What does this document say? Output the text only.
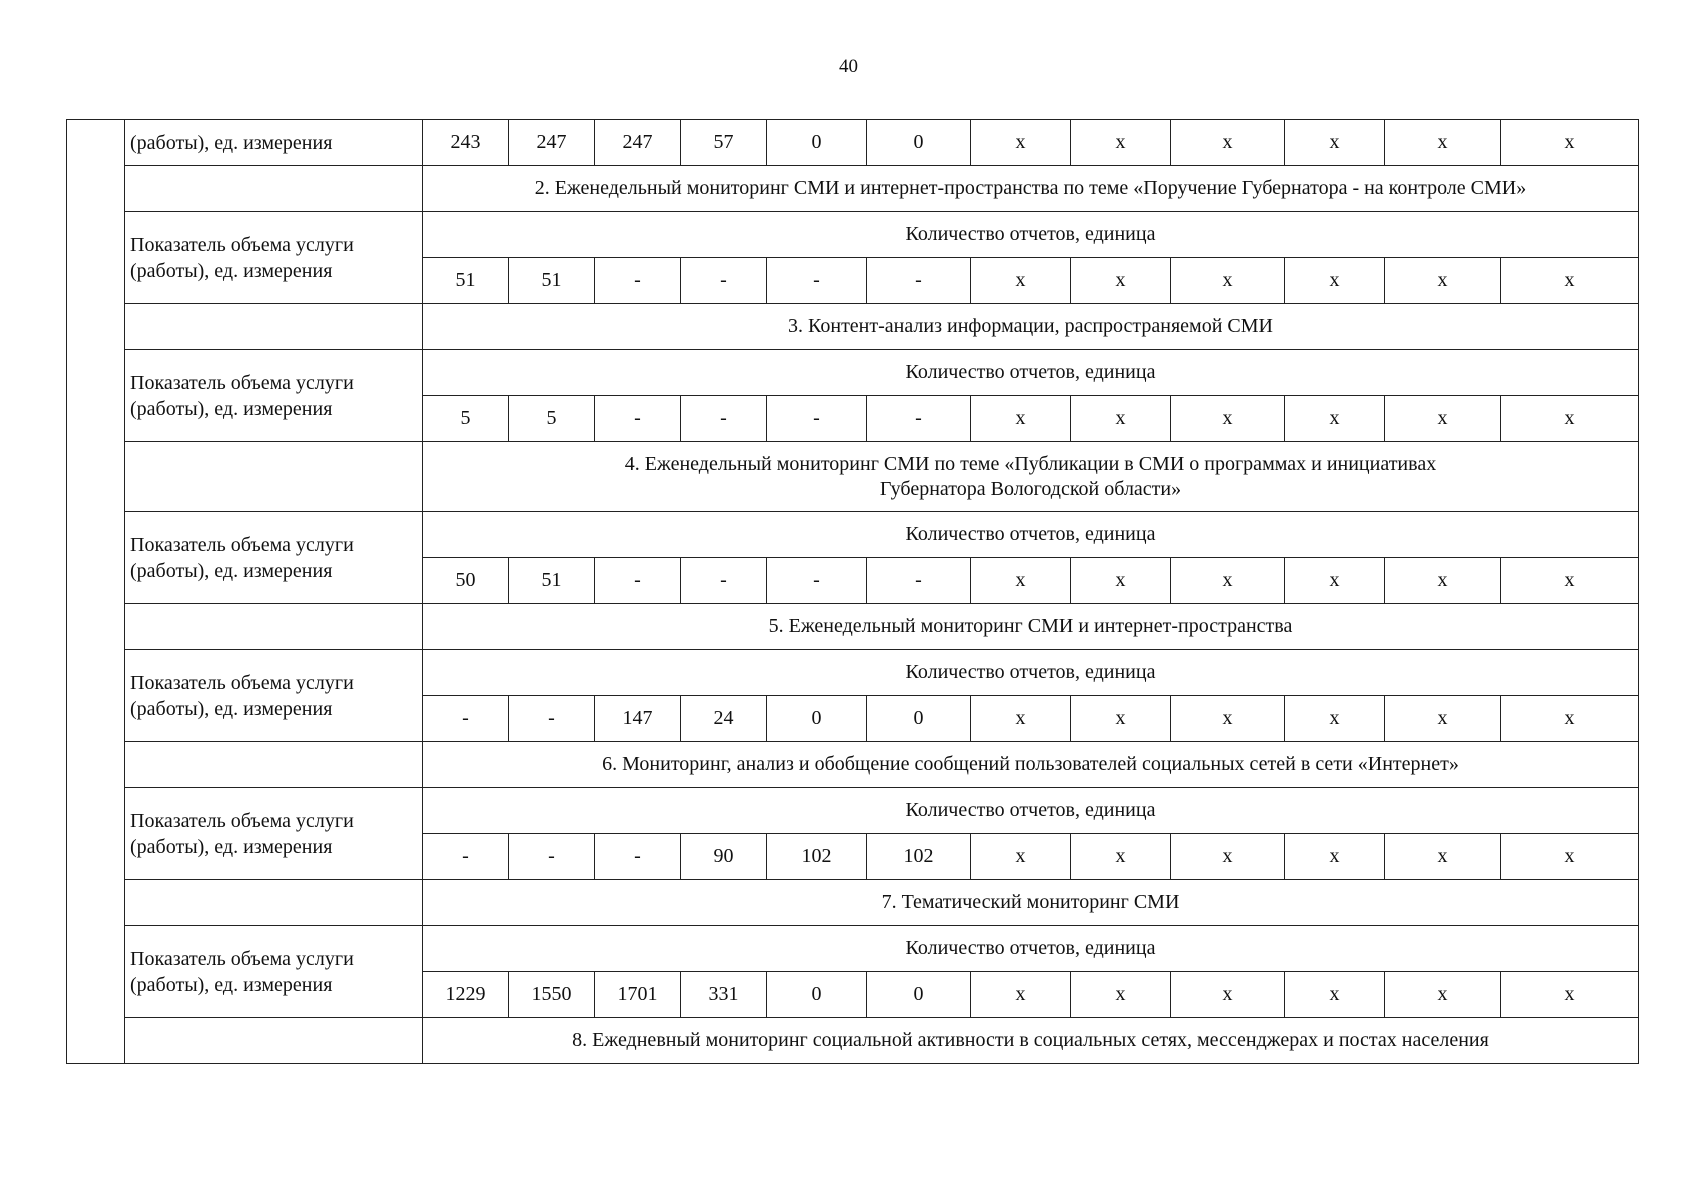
40
	(работы), ед. измерения	243	247	247	57	0	0	x	x	x	x	x	x
		2. Еженедельный мониторинг СМИ и интернет-пространства по теме «Поручение Губернатора - на контроле СМИ»											

	Показатель объема услуги
(работы), ед. измерения	Количество отчетов, единица											
		51	51	-	-	-	-	x	x	x	x	x	x
		3. Контент-анализ информации, распространяемой СМИ											

	Показатель объема услуги
(работы), ед. измерения	Количество отчетов, единица											
		5	5	-	-	-	-	x	x	x	x	x	x

		4. Еженедельный мониторинг СМИ по теме «Публикации в СМИ о программах и инициативах
Губернатора Вологодской области»											

	Показатель объема услуги
(работы), ед. измерения	Количество отчетов, единица											
		50	51	-	-	-	-	x	x	x	x	x	x
		5. Еженедельный мониторинг СМИ и интернет-пространства											

	Показатель объема услуги
(работы), ед. измерения	Количество отчетов, единица											
		-	-	147	24	0	0	x	x	x	x	x	x
		6. Мониторинг, анализ и обобщение сообщений пользователей социальных сетей в сети «Интернет»											

	Показатель объема услуги
(работы), ед. измерения	Количество отчетов, единица											
		-	-	-	90	102	102	x	x	x	x	x	x
		7. Тематический мониторинг СМИ											

	Показатель объема услуги
(работы), ед. измерения	Количество отчетов, единица											
		1229	1550	1701	331	0	0	x	x	x	x	x	x
		8. Ежедневный мониторинг социальной активности в социальных сетях, мессенджерах и постах населения											
